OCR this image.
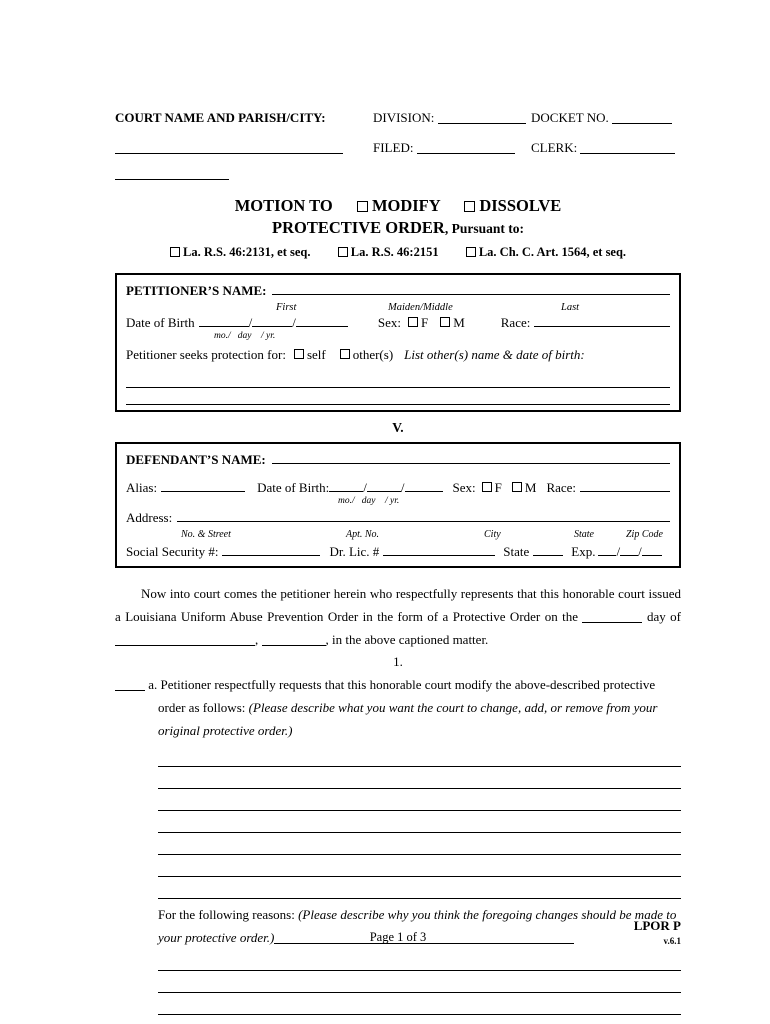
COURT NAME AND PARISH/CITY:	DIVISION:	DOCKET NO.
FILED:	CLERK:
MOTION TO MODIFY DISSOLVE
PROTECTIVE ORDER, Pursuant to:
La. R.S. 46:2131, et seq.	La. R.S. 46:2151	La. Ch. C. Art. 1564, et seq.
PETITIONER’S NAME:
First	Maiden/Middle	Last
Date of Birth	/	/	Sex: F M	Race:
mo./   day    / yr.
Petitioner seeks protection for: self other(s) List other(s) name & date of birth:
V.
DEFENDANT’S NAME:
Alias:	Date of Birth:	/	/	Sex: F M Race:
mo./   day    / yr.
Address:
No. & Street	Apt. No.	City	State	Zip Code
Social Security #:	Dr. Lic. #	State	Exp. / /
Now into court comes the petitioner herein who respectfully represents that this honorable court issued a Louisiana Uniform Abuse Prevention Order in the form of a Protective Order on the	day of ,	, in the above captioned matter.
1.
a. Petitioner respectfully requests that this honorable court modify the above-described protective order as follows: (Please describe what you want the court to change, add, or remove from your original protective order.)
For the following reasons: (Please describe why you think the foregoing changes should be made to your protective order.)
LPOR P
v.6.1
Page 1 of 3
